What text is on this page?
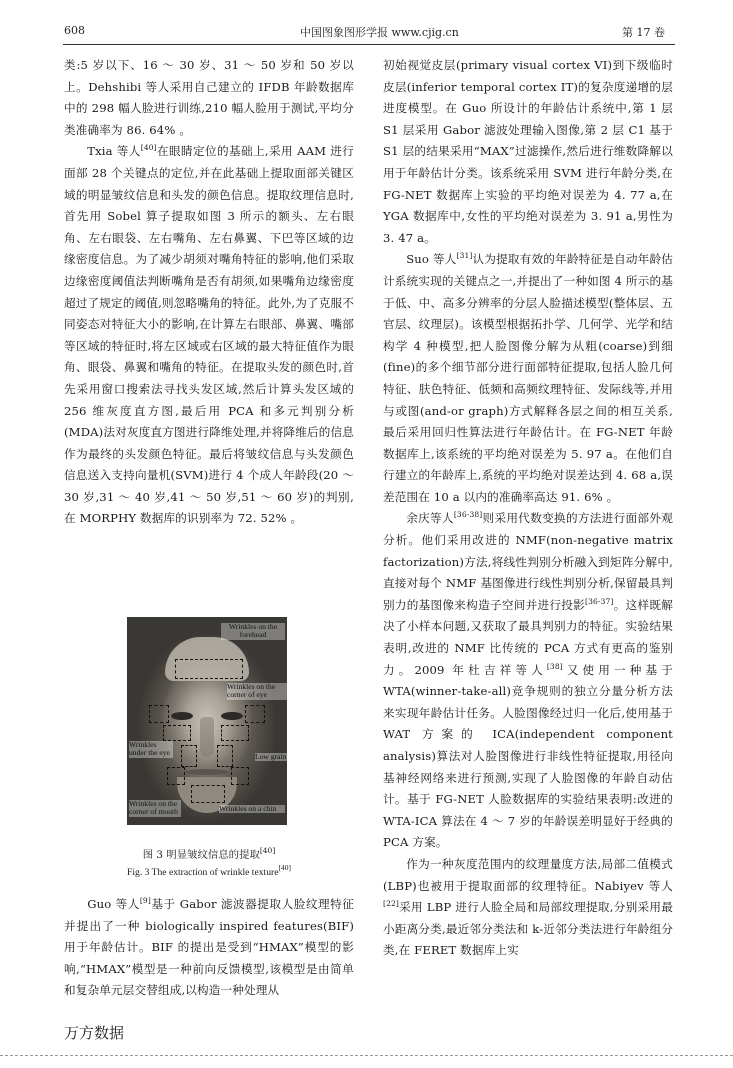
608	中国图象图形学报 www.cjig.cn	第 17 卷

类:5 岁以下、16 ～ 30 岁、31 ～ 50 岁和 50 岁以上。Dehshibi 等人采用自己建立的 IFDB 年龄数据库中的 298 幅人脸进行训练,210 幅人脸用于测试,平均分类准确率为 86. 64% 。

Txia 等人[40]在眼睛定位的基础上,采用 AAM 进行面部 28 个关键点的定位,并在此基础上提取面部关键区域的明显皱纹信息和头发的颜色信息。提取纹理信息时,首先用 Sobel 算子提取如图 3 所示的额头、左右眼角、左右眼袋、左右嘴角、左右鼻翼、下巴等区域的边缘密度信息。为了减少胡须对嘴角特征的影响,他们采取边缘密度阈值法判断嘴角是否有胡须,如果嘴角边缘密度超过了规定的阈值,则忽略嘴角的特征。此外,为了克服不同姿态对特征大小的影响,在计算左右眼部、鼻翼、嘴部等区域的特征时,将左区域或右区域的最大特征值作为眼角、眼袋、鼻翼和嘴角的特征。在提取头发的颜色时,首先采用窗口搜索法寻找头发区域,然后计算头发区域的 256 维灰度直方图,最后用 PCA 和多元判别分析(MDA)法对灰度直方图进行降维处理,并将降维后的信息作为最终的头发颜色特征。最后将皱纹信息与头发颜色信息送入支持向量机(SVM)进行 4 个成人年龄段(20 ～ 30 岁,31 ～ 40 岁,41 ～ 50 岁,51 ～ 60 岁)的判别,在 MORPHY 数据库的识别率为 72. 52% 。

Wrinkles on the forehead
Wrinkles on the corner of eye
Wrinkles under the eye	Low grain
Wrinkles on the corner of mouth	Wrinkles on a chin
图 3 明显皱纹信息的提取[40]
Fig. 3 The extraction of wrinkle texture[40]

Guo 等人[9]基于 Gabor 滤波器提取人脸纹理特征并提出了一种 biologically inspired features(BIF)用于年龄估计。BIF 的提出是受到“HMAX”模型的影响,“HMAX”模型是一种前向反馈模型,该模型是由简单和复杂单元层交替组成,以构造一种处理从

初始视觉皮层(primary visual cortex VI)到下级临时皮层(inferior temporal cortex IT)的复杂度递增的层进度模型。在 Guo 所设计的年龄估计系统中,第 1 层 S1 层采用 Gabor 滤波处理输入图像,第 2 层 C1 基于 S1 层的结果采用“MAX”过滤操作,然后进行维数降解以用于年龄估计分类。该系统采用 SVM 进行年龄分类,在 FG-NET 数据库上实验的平均绝对误差为 4. 77 a,在 YGA 数据库中,女性的平均绝对误差为 3. 91 a,男性为 3. 47 a。

Suo 等人[31]认为提取有效的年龄特征是自动年龄估计系统实现的关键点之一,并提出了一种如图 4 所示的基于低、中、高多分辨率的分层人脸描述模型(整体层、五官层、纹理层)。该模型根据拓扑学、几何学、光学和结构学 4 种模型,把人脸图像分解为从粗(coarse)到细(fine)的多个细节部分进行面部特征提取,包括人脸几何特征、肤色特征、低频和高频纹理特征、发际线等,并用与或图(and-or graph)方式解释各层之间的相互关系,最后采用回归性算法进行年龄估计。在 FG-NET 年龄数据库上,该系统的平均绝对误差为 5. 97 a。在他们自行建立的年龄库上,系统的平均绝对误差达到 4. 68 a,误差范围在 10 a 以内的准确率高达 91. 6% 。

余庆等人[36-38]则采用代数变换的方法进行面部外观分析。他们采用改进的 NMF(non-negative matrix factorization)方法,将线性判别分析融入到矩阵分解中,直接对每个 NMF 基图像进行线性判别分析,保留最具判别力的基图像来构造子空间并进行投影[36-37]。这样既解决了小样本问题,又获取了最具判别力的特征。实验结果表明,改进的 NMF 比传统的 PCA 方式有更高的鉴别力。2009 年杜吉祥等人[38]又使用一种基于 WTA(winner-take-all)竞争规则的独立分量分析方法来实现年龄估计任务。人脸图像经过归一化后,使用基于 WAT 方案的 ICA(independent component analysis)算法对人脸图像进行非线性特征提取,用径向基神经网络来进行预测,实现了人脸图像的年龄自动估计。基于 FG-NET 人脸数据库的实验结果表明:改进的 WTA-ICA 算法在 4 ～ 7 岁的年龄误差明显好于经典的 PCA 方案。

作为一种灰度范围内的纹理量度方法,局部二值模式(LBP)也被用于提取面部的纹理特征。Nabiyev 等人[22]采用 LBP 进行人脸全局和局部纹理提取,分别采用最小距离分类,最近邻分类法和 k-近邻分类法进行年龄组分类,在 FERET 数据库上实

万方数据
